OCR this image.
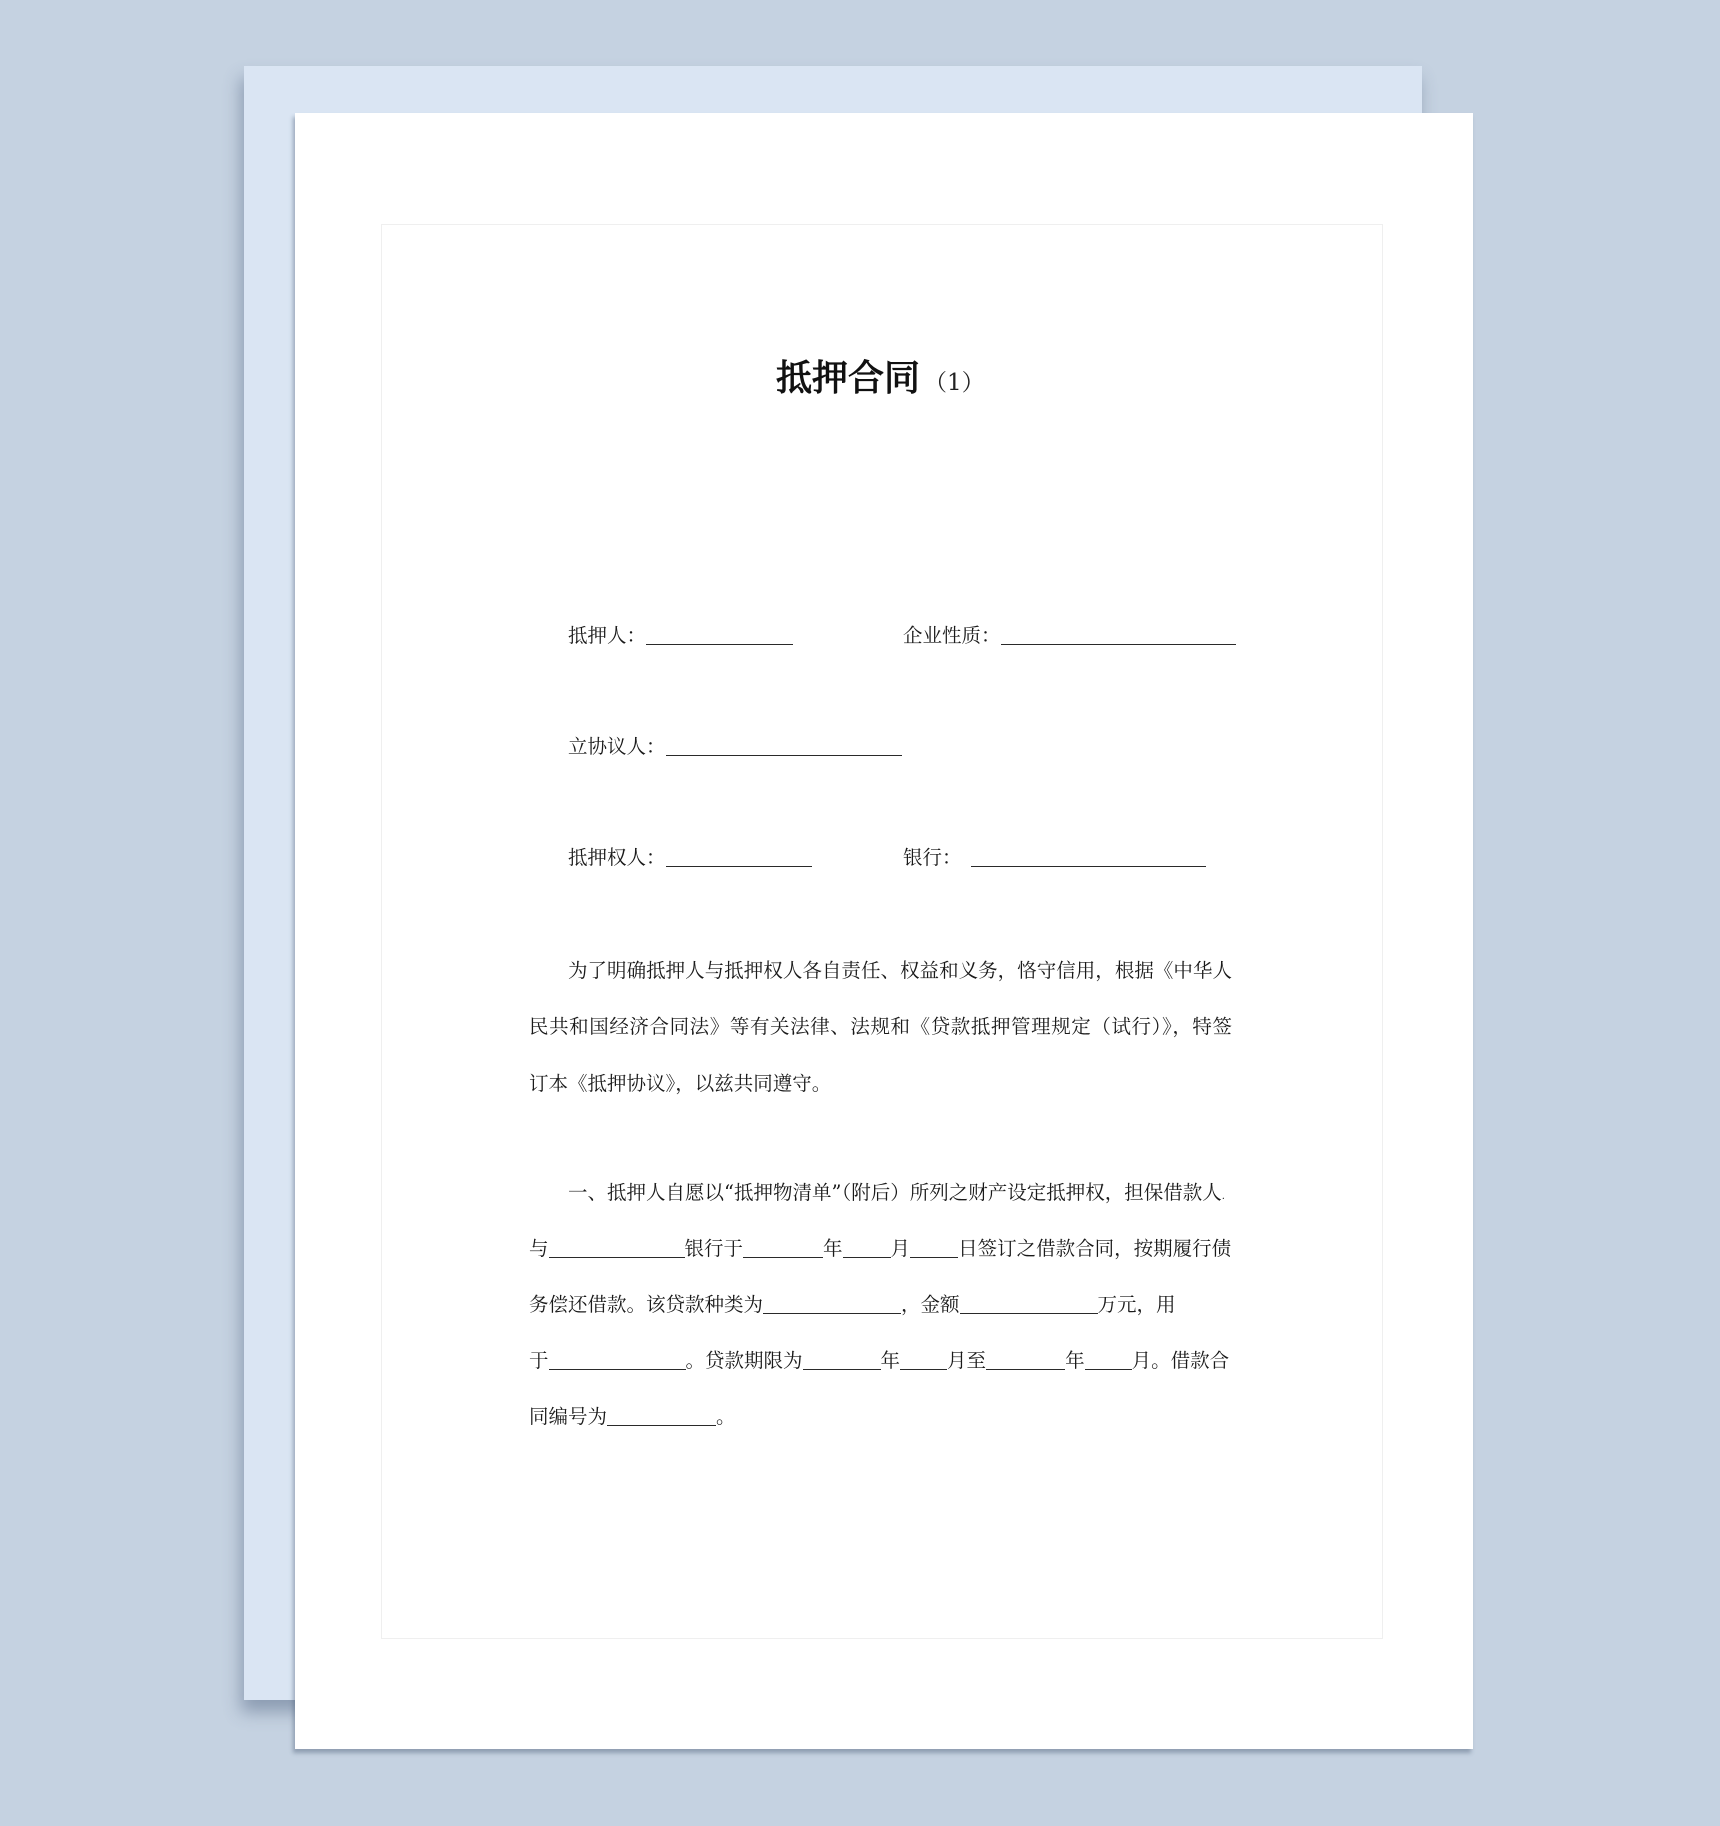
抵押合同 （1）
抵押人：	企业性质：
立协议人：
抵押权人：	银行：
为了明确抵押人与抵押权人各自责任、权益和义务，恪守信用，根据《中华人
民共和国经济合同法》等有关法律、法规和《贷款抵押管理规定（试行）》，特签
订本《抵押协议》，以兹共同遵守。
一、抵押人自愿以“抵押物清单”（附后）所列之财产设定抵押权，担保借款人 .
与	银行于	年 月 日签订之借款合同，按期履行债
务偿还借款。该贷款种类为	，金额	万元，用
于	。贷款期限为	年 月至	年 月。借款合
同编号为	。
